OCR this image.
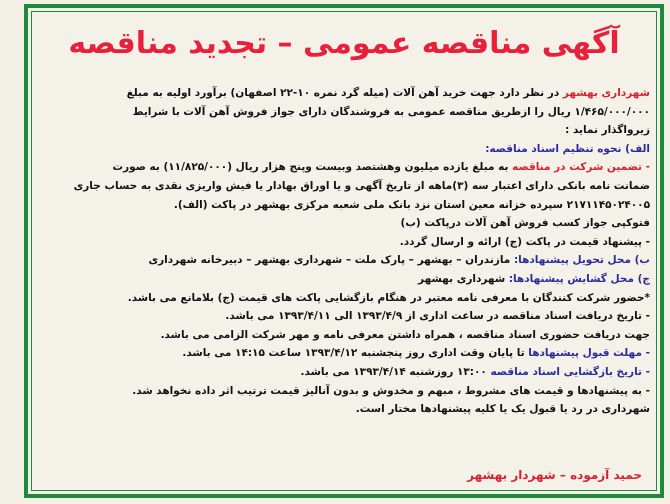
آگهی مناقصه عمومی – تجدید مناقصه
شهرداری بهشهر در نظر دارد جهت خرید آهن آلات (میله گرد نمره ۱۰-۲۲ اصفهان) برآورد اولیه به مبلغ
۱/۴۶۵/۰۰۰/۰۰۰ ریال را ازطریق مناقصه عمومی به فروشندگان دارای جواز فروش آهن آلات با شرایط
زیرواگذار نماید :
الف) نحوه تنظیم اسناد مناقصه:
- تضمین شرکت در مناقصه به مبلغ یازده میلیون وهشتصد وبیست وپنج هزار ریال (۱۱/۸۲۵/۰۰۰) به صورت
ضمانت نامه بانکی دارای اعتبار سه (۳)ماهه از تاریخ آگهی و یا اوراق بهادار یا فیش واریزی نقدی به حساب جاری
۲۱۷۱۱۴۵۰۲۴۰۰۵ سپرده خزانه معین استان نزد بانک ملی شعبه مرکزی بهشهر در پاکت (الف).
فتوکپی جواز کسب فروش آهن آلات درپاکت (ب)
- پیشنهاد قیمت در پاکت (ج) ارائه و ارسال گردد.
ب) محل تحویل پیشنهادها: مازندران – بهشهر – پارک ملت – شهرداری بهشهر – دبیرخانه شهرداری
ج) محل گشایش پیشنهادها: شهرداری بهشهر
*حضور شرکت کنندگان با معرفی نامه معتبر در هنگام بازگشایی پاکت های قیمت (ج) بلامانع می باشد.
- تاریخ دریافت اسناد مناقصه در ساعت اداری از ۱۳۹۳/۴/۹ الی ۱۳۹۳/۴/۱۱ می باشد.
جهت دریافت حضوری اسناد مناقصه ، همراه داشتن معرفی نامه و مهر شرکت الزامی می باشد.
- مهلت قبول پیشنهادها تا پایان وقت اداری روز پنجشنبه ۱۳۹۳/۴/۱۲ ساعت ۱۴:۱۵ می باشد.
- تاریخ بازگشایی اسناد مناقصه ۱۳:۰۰ روزشنبه ۱۳۹۳/۴/۱۴ می باشد.
- به پیشنهادها و قیمت های مشروط ، مبهم و مخدوش و بدون آنالیز قیمت ترتیب اثر داده نخواهد شد.
شهرداری در رد یا قبول یک یا کلیه پیشنهادها مختار است.
حمید آزموده – شهردار بهشهر
